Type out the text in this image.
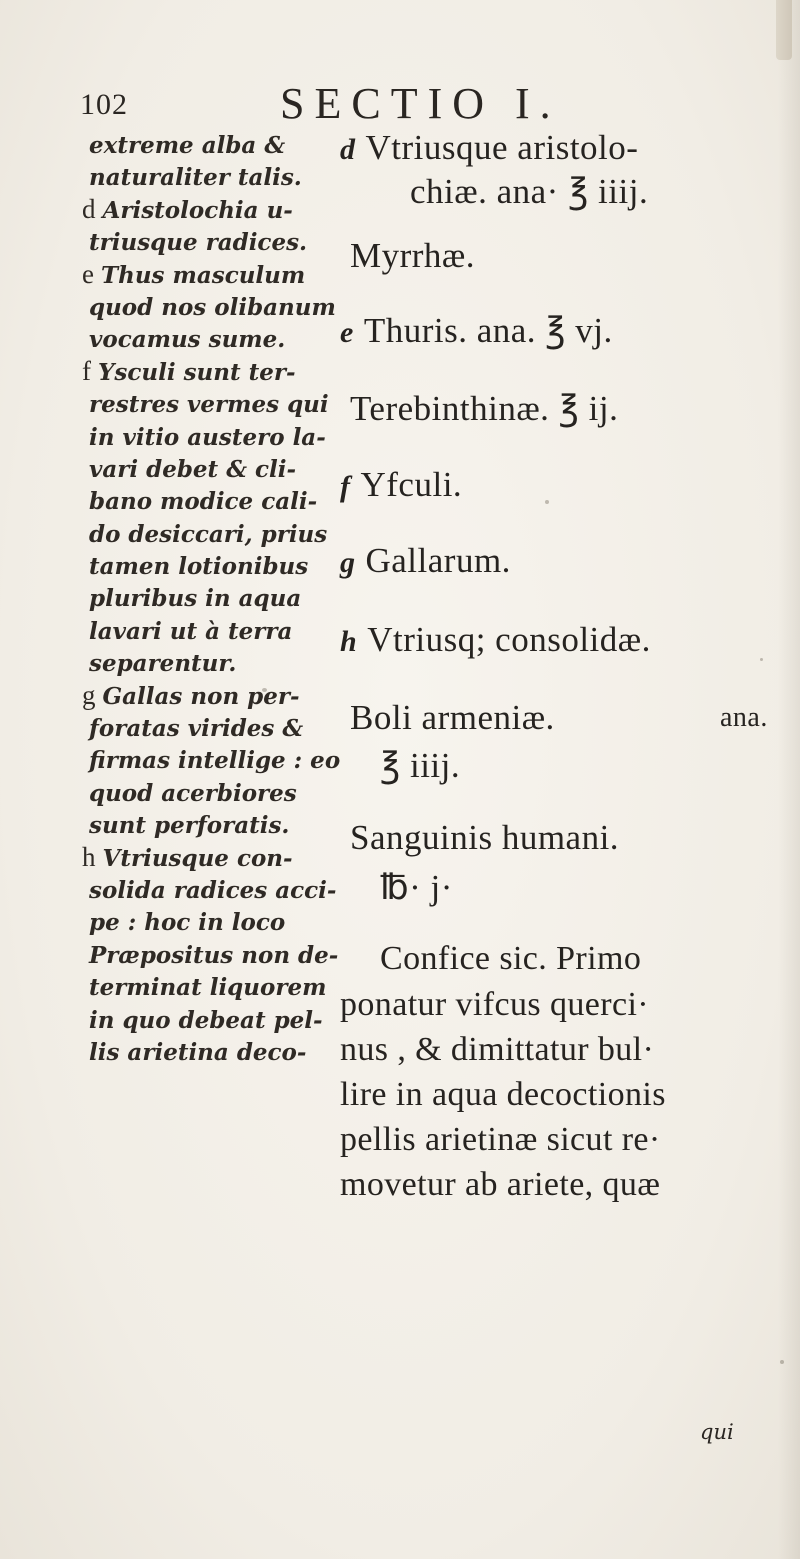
102	SECTIO I.
extreme alba &
naturaliter talis.
d Aristolochia u-
triusque radices.
e Thus masculum
quod nos olibanum
vocamus sume.
f Ysculi sunt ter-
restres vermes qui
in vitio austero la-
vari debet & cli-
bano modice cali-
do desiccari, prius
tamen lotionibus
pluribus in aqua
lavari ut à terra
separentur.
g Gallas non per-
foratas virides &
firmas intellige : eo
quod acerbiores
sunt perforatis.
h Vtriusque con-
solida radices acci-
pe : hoc in loco
Præpositus non de-
terminat liquorem
in quo debeat pel-
lis arietina deco-
d Vtriusque aristolo-
chiæ. ana· ℥ iiij.
Myrrhæ.
e Thuris. ana. ℥ vj.
Terebinthinæ. ℥ ij.
f Yfculi.
g Gallarum.
h Vtriusq; consolidæ.
Boli armeniæ.	ana.
℥ iiij.
Sanguinis humani.
℔· j·
Confice sic. Primo
ponatur vifcus querci·
nus , & dimittatur bul·
lire in aqua decoctionis
pellis arietinæ sicut re·
movetur ab ariete, quæ
qui
